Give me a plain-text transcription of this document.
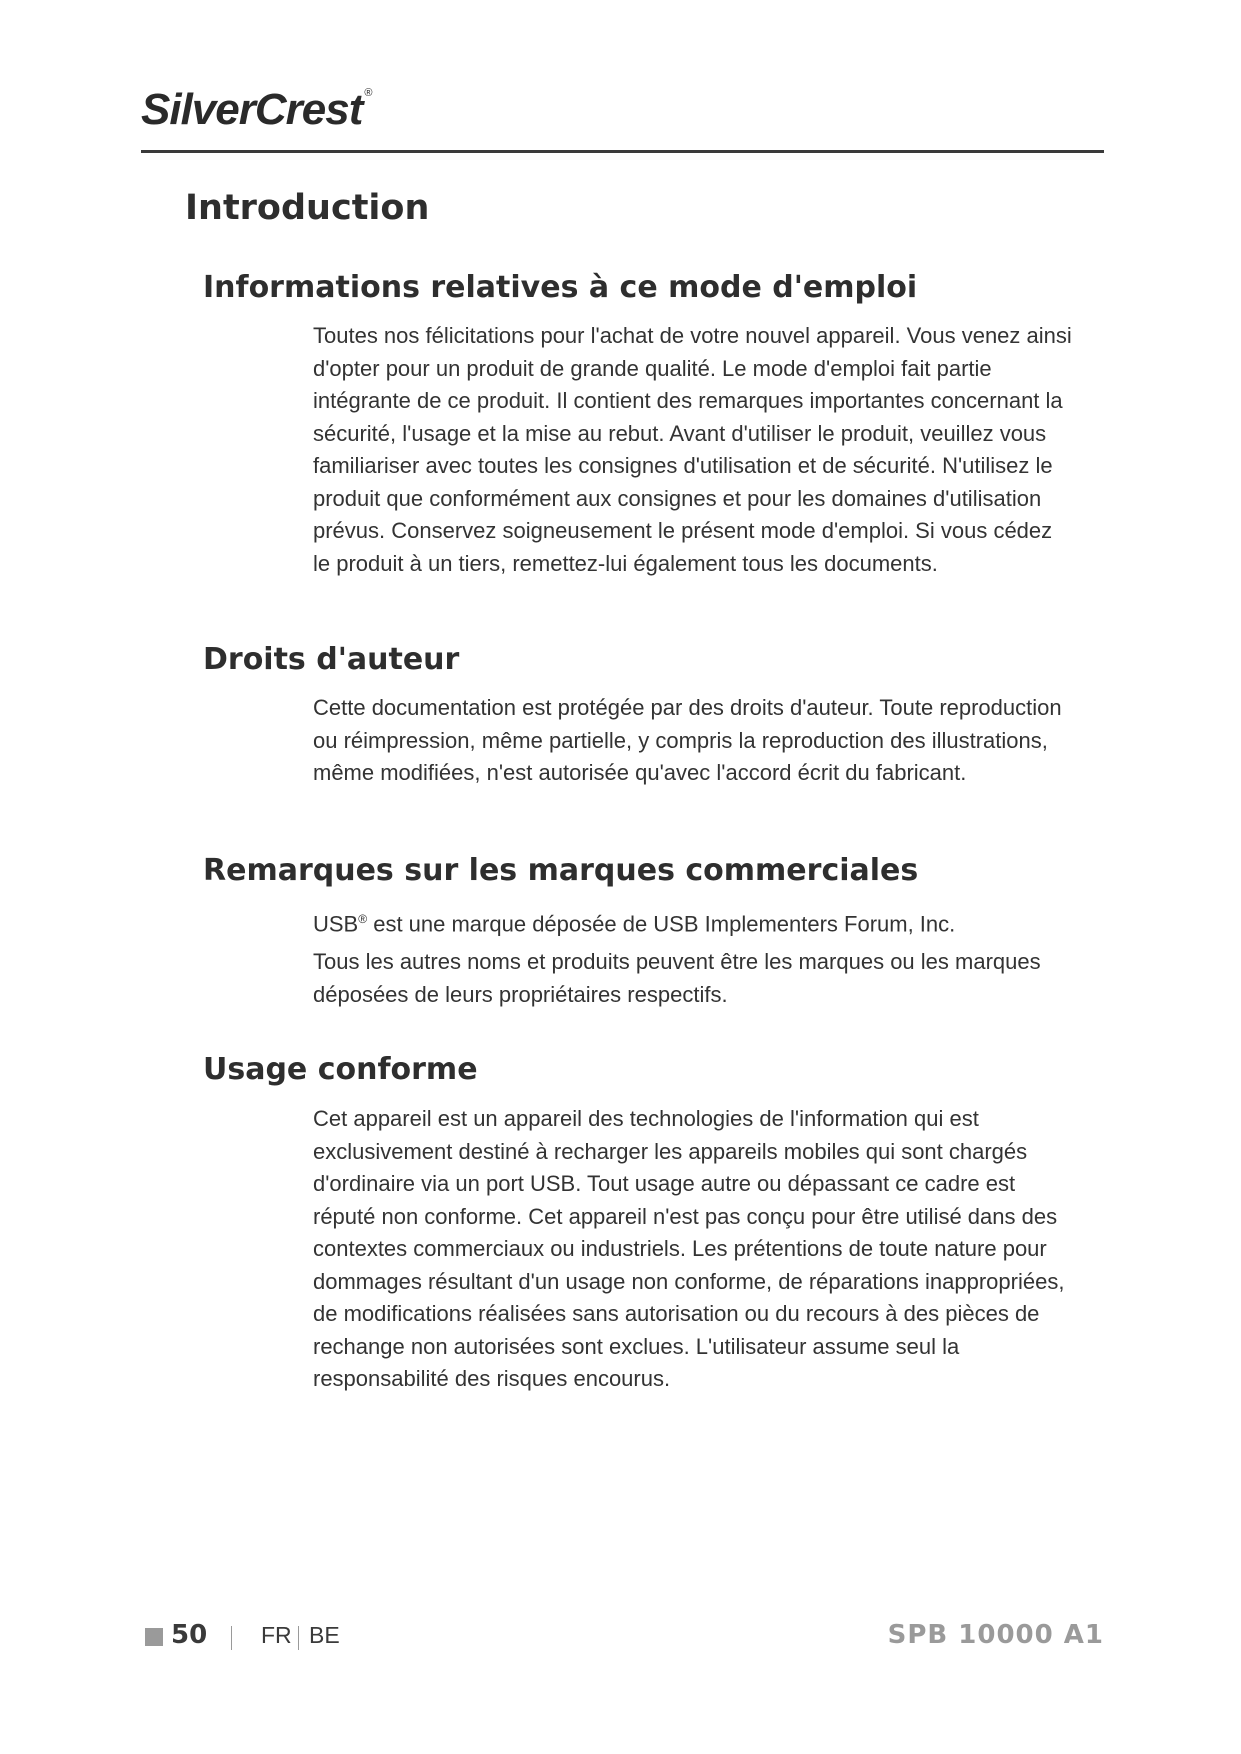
SilverCrest ®
Introduction
Informations relatives à ce mode d'emploi

Toutes nos félicitations pour l'achat de votre nouvel appareil. Vous venez ainsi d'opter pour un produit de grande qualité. Le mode d'emploi fait partie intégrante de ce produit. Il contient des remarques importantes concernant la sécurité, l'usage et la mise au rebut. Avant d'utiliser le produit, veuillez vous familiariser avec toutes les consignes d'utilisation et de sécurité. N'utilisez le produit que conformément aux consignes et pour les domaines d'utilisation prévus. Conservez soigneusement le présent mode d'emploi. Si vous cédez le produit à un tiers, remettez-lui également tous les documents.

Droits d'auteur

Cette documentation est protégée par des droits d'auteur. Toute reproduction ou réimpression, même partielle, y compris la reproduction des illustrations, même modifiées, n'est autorisée qu'avec l'accord écrit du fabricant.

Remarques sur les marques commerciales

USB® est une marque déposée de USB Implementers Forum, Inc.

Tous les autres noms et produits peuvent être les marques ou les marques déposées de leurs propriétaires respectifs.

Usage conforme

Cet appareil est un appareil des technologies de l'information qui est exclusivement destiné à recharger les appareils mobiles qui sont chargés d'ordinaire via un port USB. Tout usage autre ou dépassant ce cadre est réputé non conforme. Cet appareil n'est pas conçu pour être utilisé dans des contextes commerciaux ou industriels. Les prétentions de toute nature pour dommages résultant d'un usage non conforme, de réparations inappropriées, de modifications réalisées sans autorisation ou du recours à des pièces de rechange non autorisées sont exclues. L'utilisateur assume seul la responsabilité des risques encourus.

50 FR BE	SPB 10000 A1
